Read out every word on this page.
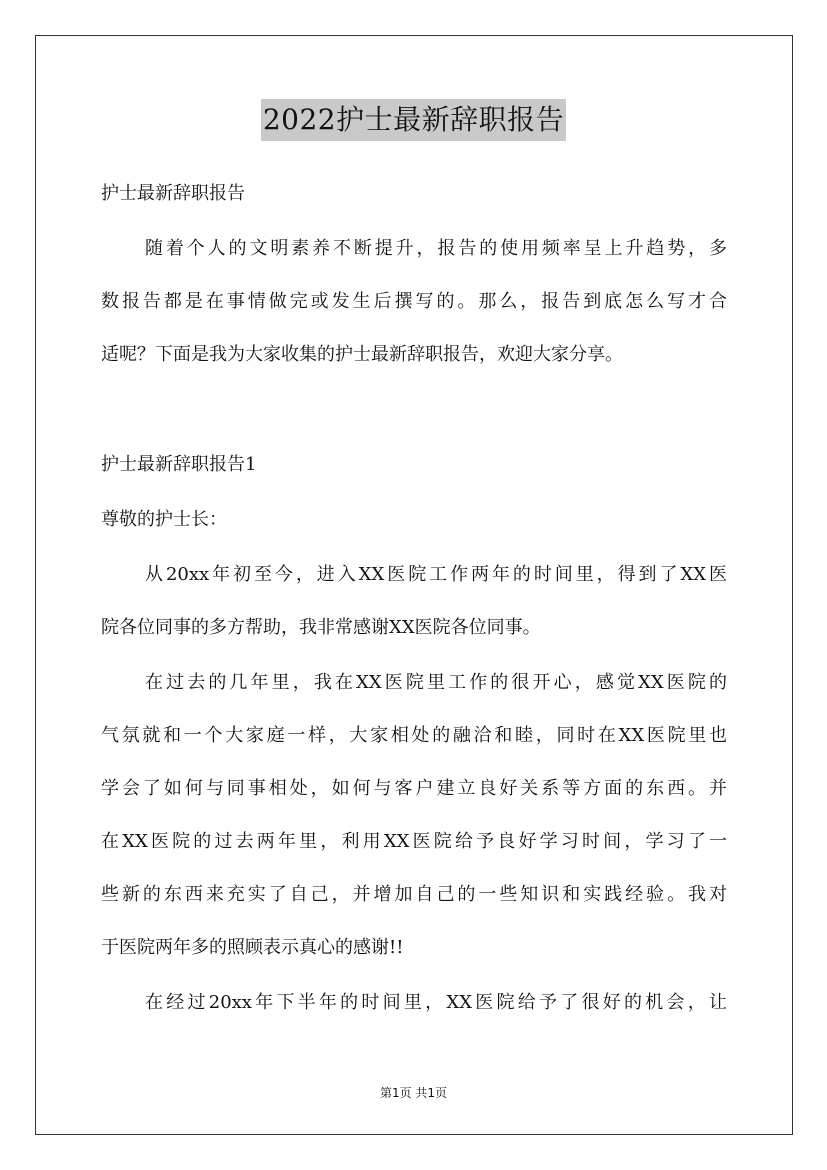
2022护士最新辞职报告
护士最新辞职报告
随着个人的文明素养不断提升，报告的使用频率呈上升趋势，多
数报告都是在事情做完或发生后撰写的。那么，报告到底怎么写才合
适呢？下面是我为大家收集的护士最新辞职报告，欢迎大家分享。
护士最新辞职报告1
尊敬的护士长：
从20xx年初至今，进入XX医院工作两年的时间里，得到了XX医
院各位同事的多方帮助，我非常感谢XX医院各位同事。
在过去的几年里，我在XX医院里工作的很开心，感觉XX医院的
气氛就和一个大家庭一样，大家相处的融洽和睦，同时在XX医院里也
学会了如何与同事相处，如何与客户建立良好关系等方面的东西。并
在XX医院的过去两年里，利用XX医院给予良好学习时间，学习了一
些新的东西来充实了自己，并增加自己的一些知识和实践经验。我对
于医院两年多的照顾表示真心的感谢!!
在经过20xx年下半年的时间里，XX医院给予了很好的机会，让
第1页 共1页
